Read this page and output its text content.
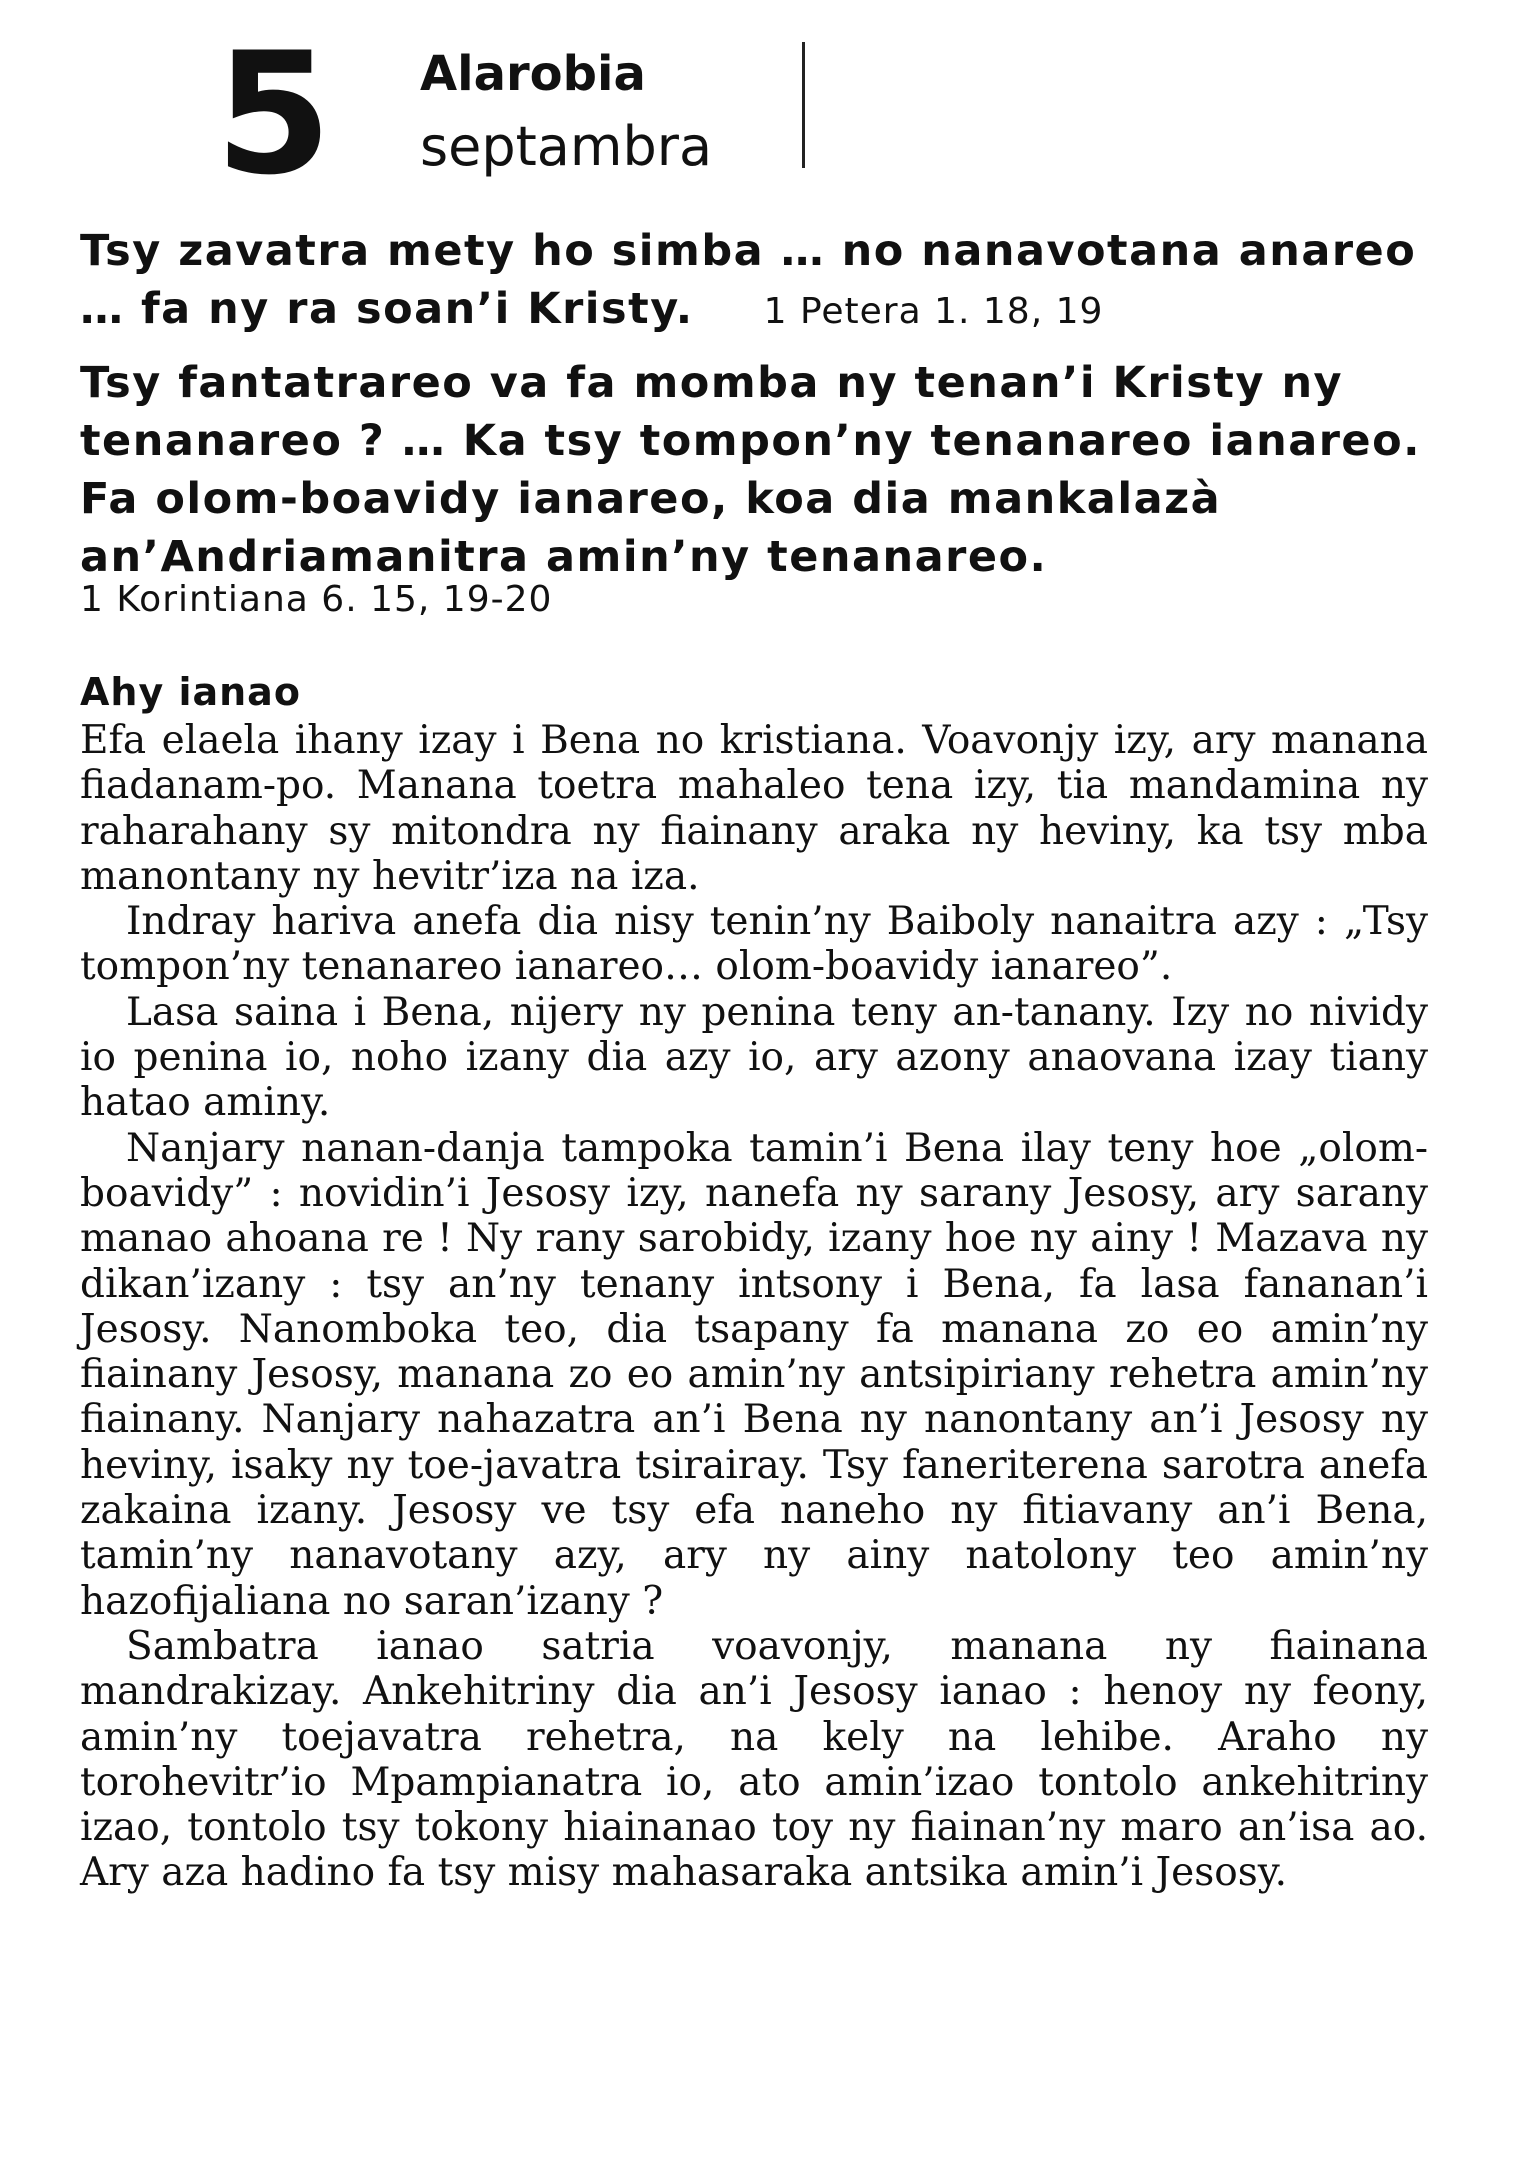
5 Alarobia
septambra
Tsy zavatra mety ho simba … no nanavotana anareo … fa ny ra soan’i Kristy. 1 Petera 1. 18, 19
Tsy fantatrareo va fa momba ny tenan’i Kristy ny tenanareo ? … Ka tsy tompon’ny tenanareo ianareo. Fa olom-boavidy ianareo, koa dia mankalazà an’Andriamanitra amin’ny tenanareo.
1 Korintiana 6. 15, 19-20
Ahy ianao

Efa elaela ihany izay i Bena no kristiana. Voavonjy izy, ary manana fiadanam-po. Manana toetra mahaleo tena izy, tia mandamina ny raharahany sy mitondra ny fiainany araka ny heviny, ka tsy mba manontany ny hevitr’iza na iza.

Indray hariva anefa dia nisy tenin’ny Baiboly nanaitra azy : „Tsy tompon’ny tenanareo ianareo… olom-boavidy ianareo”.

Lasa saina i Bena, nijery ny penina teny an-tanany. Izy no nividy io penina io, noho izany dia azy io, ary azony anaovana izay tiany hatao aminy.

Nanjary nanan-danja tampoka tamin’i Bena ilay teny hoe „olom-boavidy” : novidin’i Jesosy izy, nanefa ny sarany Jesosy, ary sarany manao ahoana re ! Ny rany sarobidy, izany hoe ny ainy ! Mazava ny dikan’izany : tsy an’ny tenany intsony i Bena, fa lasa fananan’i Jesosy. Nanomboka teo, dia tsapany fa manana zo eo amin’ny fiainany Jesosy, manana zo eo amin’ny antsipiriany rehetra amin’ny fiainany. Nanjary nahazatra an’i Bena ny nanontany an’i Jesosy ny heviny, isaky ny toe-javatra tsirairay. Tsy faneriterena sarotra anefa zakaina izany. Jesosy ve tsy efa naneho ny fitiavany an’i Bena, tamin’ny nanavotany azy, ary ny ainy natolony teo amin’ny hazofijaliana no saran’izany ?

Sambatra ianao satria voavonjy, manana ny fiainana mandrakizay. Ankehitriny dia an’i Jesosy ianao : henoy ny feony, amin’ny toejavatra rehetra, na kely na lehibe. Araho ny torohevitr’io Mpampianatra io, ato amin’izao tontolo ankehitriny izao, tontolo tsy tokony hiainanao toy ny fiainan’ny maro an’isa ao. Ary aza hadino fa tsy misy mahasaraka antsika amin’i Jesosy.
